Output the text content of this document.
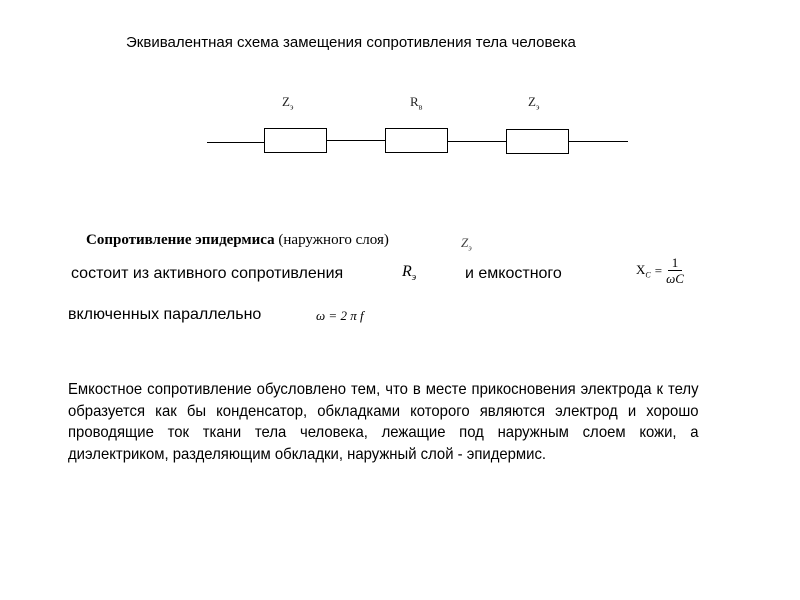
Эквивалентная схема замещения сопротивления тела человека
$Z_э$	$R_в$	$Z_э$
Сопротивление эпидермиса (наружного слоя)	$Z_э$
состоит из активного сопротивления	$R_э$	и емкостного	$X_C = \frac{1}{\omega C}$
включенных параллельно	ω = 2 π f
Емкостное сопротивление обусловлено тем, что в месте прикосновения электрода к телу образуется как бы конденсатор, обкладками которого являются электрод и хорошо проводящие ток ткани тела человека, лежащие под наружным слоем кожи, а диэлектриком, разделяющим обкладки, наружный слой - эпидермис.
